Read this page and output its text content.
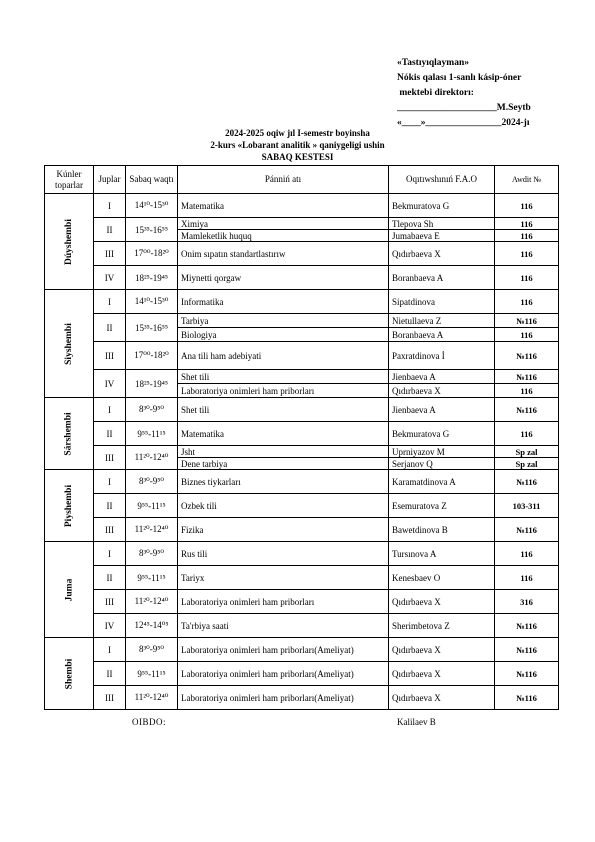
«Tastıyıqlayman»
Nókis qalası 1-sanlı kásip-óner
mektebi direktorı:
_____________________M.Seytb
«____»________________2024-jı
2024-2025 oqiw jıl I-semestr boyinsha
2-kurs «Lobarant analitik » qaniygeligi ushin
SABAQ KESTESI
Kúnler toparlar	Juplar	Sabaq waqtı	Pánniń atı	Oqıtıwshınıń F.A.O	Awdit №
Dúyshembi	I	14¹⁰-15³⁰	Matematika	Bekmuratova G	116
	II	15³⁵-16⁵⁵	Ximiya	Tlepova Sh	116
			Mamleketlik huquq	Jumabaeva E	116
	III	17⁰⁰-18²⁰	Onim sıpatın standartlastırıw	Qıdırbaeva X	116
	IV	18²⁵-19⁴⁵	Miynetti qorgaw	Boranbaeva A	116
Siyshembi	I	14¹⁰-15³⁰	Informatika	Sipatdinova	116
	II	15³⁵-16⁵⁵	Tarbiya	Nietullaeva Z	№116
			Biologiya	Boranbaeva A	116
	III	17⁰⁰-18²⁰	Ana tili ham adebiyati	Paxratdinova İ	№116
	IV	18²⁵-19⁴⁵	Shet tili	Jienbaeva A	№116
			Laboratoriya onimleri ham priborları	Qıdırbaeva X	116
Sárshembi	I	8³⁰-9⁵⁰	Shet tili	Jienbaeva A	№116
	II	9⁵⁵-11¹⁵	Matematika	Bekmuratova G	116
	III	11²⁰-12⁴⁰	Jsht	Uprniyazov M	Sp zal
			Dene tarbiya	Serjanov Q	Sp zal
Piyshembi	I	8³⁰-9⁵⁰	Biznes tiykarları	Karamatdinova A	№116
	II	9⁵⁵-11¹⁵	Ozbek tili	Esemuratova Z	103-311
	III	11²⁰-12⁴⁰	Fizika	Bawetdinova B	№116
Juma	I	8³⁰-9⁵⁰	Rus tili	Tursınova A	116
	II	9⁵⁵-11¹⁵	Tariyx	Kenesbaev O	116
	III	11²⁰-12⁴⁰	Laboratoriya onimleri ham priborları	Qıdırbaeva X	316
	IV	12⁴⁵-14⁰⁵	Ta'rbiya saati	Sherimbetova Z	№116
Shembi	I	8³⁰-9⁵⁰	Laboratoriya onimleri ham priborları(Ameliyat)	Qıdırbaeva X	№116
	II	9⁵⁵-11¹⁵	Laboratoriya onimleri ham priborları(Ameliyat)	Qıdırbaeva X	№116
	III	11²⁰-12⁴⁰	Laboratoriya onimleri ham priborları(Ameliyat)	Qıdırbaeva X	№116
OIBDO:	Kalilaev B
